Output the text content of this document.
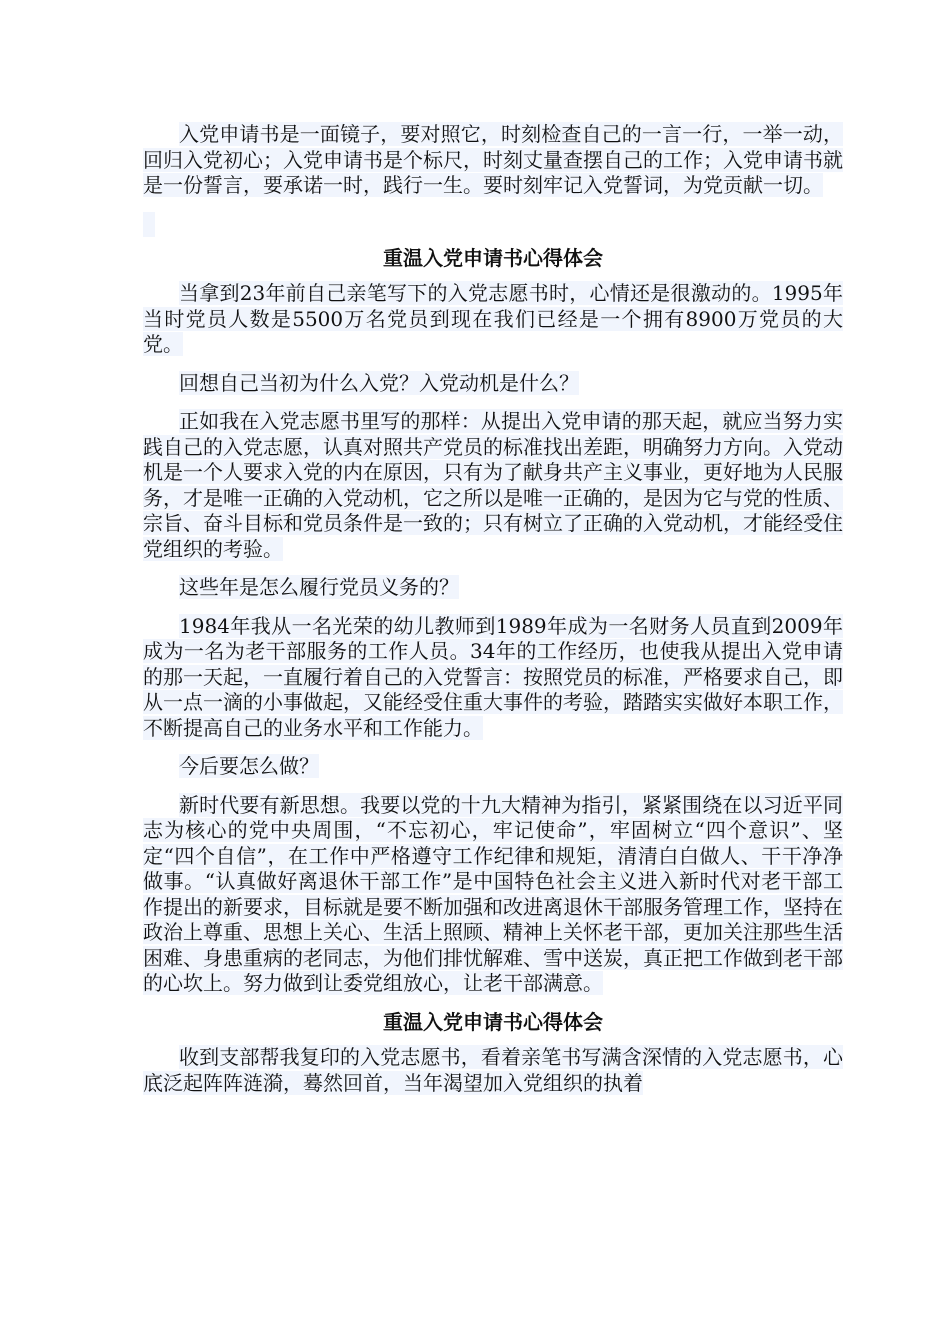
入党申请书是一面镜子，要对照它，时刻检查自己的一言一行，一举一动，回归入党初心；入党申请书是个标尺，时刻丈量查摆自己的工作；入党申请书就是一份誓言，要承诺一时，践行一生。要时刻牢记入党誓词，为党贡献一切。

重温入党申请书心得体会

当拿到23年前自己亲笔写下的入党志愿书时，心情还是很激动的。1995年当时党员人数是5500万名党员到现在我们已经是一个拥有8900万党员的大党。

回想自己当初为什么入党？入党动机是什么？

正如我在入党志愿书里写的那样：从提出入党申请的那天起，就应当努力实践自己的入党志愿，认真对照共产党员的标准找出差距，明确努力方向。入党动机是一个人要求入党的内在原因，只有为了献身共产主义事业，更好地为人民服务，才是唯一正确的入党动机，它之所以是唯一正确的，是因为它与党的性质、宗旨、奋斗目标和党员条件是一致的；只有树立了正确的入党动机，才能经受住党组织的考验。

这些年是怎么履行党员义务的？

1984年我从一名光荣的幼儿教师到1989年成为一名财务人员直到2009年成为一名为老干部服务的工作人员。34年的工作经历，也使我从提出入党申请的那一天起，一直履行着自己的入党誓言：按照党员的标准，严格要求自己，即从一点一滴的小事做起，又能经受住重大事件的考验，踏踏实实做好本职工作，不断提高自己的业务水平和工作能力。

今后要怎么做？

新时代要有新思想。我要以党的十九大精神为指引，紧紧围绕在以习近平同志为核心的党中央周围，“不忘初心，牢记使命”，牢固树立“四个意识”、坚定“四个自信”，在工作中严格遵守工作纪律和规矩，清清白白做人、干干净净做事。“认真做好离退休干部工作”是中国特色社会主义进入新时代对老干部工作提出的新要求，目标就是要不断加强和改进离退休干部服务管理工作，坚持在政治上尊重、思想上关心、生活上照顾、精神上关怀老干部，更加关注那些生活困难、身患重病的老同志，为他们排忧解难、雪中送炭，真正把工作做到老干部的心坎上。努力做到让委党组放心，让老干部满意。

重温入党申请书心得体会

收到支部帮我复印的入党志愿书，看着亲笔书写满含深情的入党志愿书，心底泛起阵阵涟漪，蓦然回首，当年渴望加入党组织的执着
